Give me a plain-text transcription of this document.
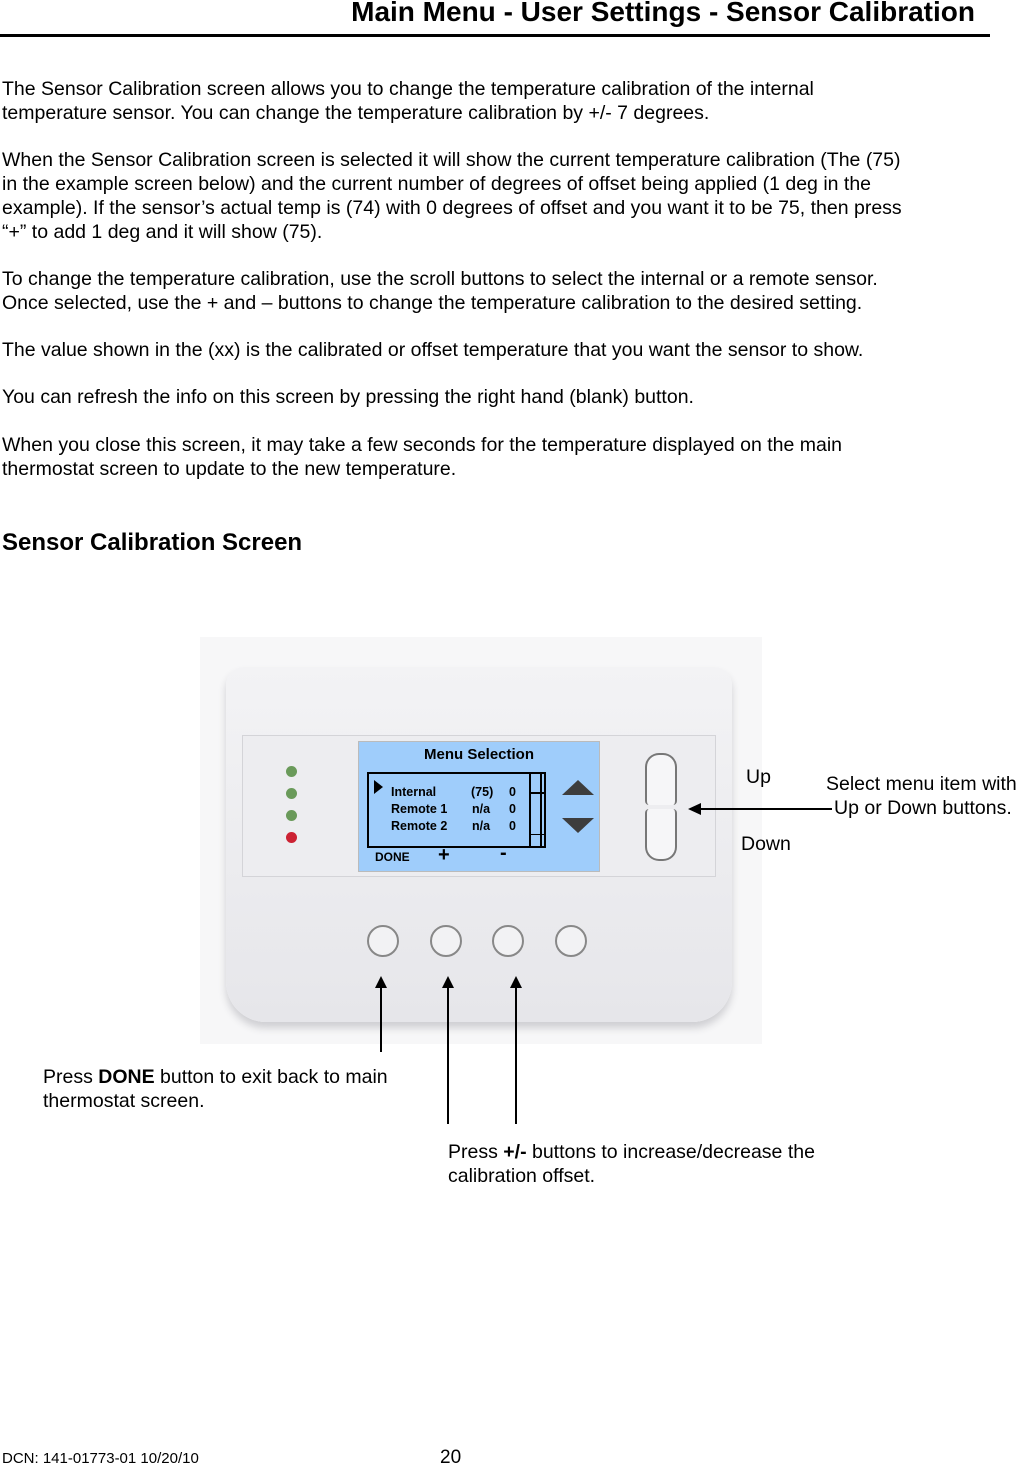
Main Menu - User Settings - Sensor Calibration
The Sensor Calibration screen allows you to change the temperature calibration of the internal
temperature sensor. You can change the temperature calibration by +/- 7 degrees.
When the Sensor Calibration screen is selected it will show the current temperature calibration (The (75)
in the example screen below) and the current number of degrees of offset being applied (1 deg in the
example). If the sensor’s actual temp is (74) with 0 degrees of offset and you want it to be 75, then press
“+” to add 1 deg and it will show (75).
To change the temperature calibration, use the scroll buttons to select the internal or a remote sensor.
Once selected, use the + and – buttons to change the temperature calibration to the desired setting.
The value shown in the (xx) is the calibrated or offset temperature that you want the sensor to show.
You can refresh the info on this screen by pressing the right hand (blank) button.
When you close this screen, it may take a few seconds for the temperature displayed on the main
thermostat screen to update to the new temperature.
Sensor Calibration Screen
Menu Selection
Internal	(75) 0
Remote 1 n/a 0
Remote 2 n/a 0
DONE +	-
Up
Down
Select menu item with
Up or Down buttons.
Press DONE button to exit back to main
thermostat screen.
Press +/- buttons to increase/decrease the
calibration offset.
DCN: 141-01773-01 10/20/10	20
